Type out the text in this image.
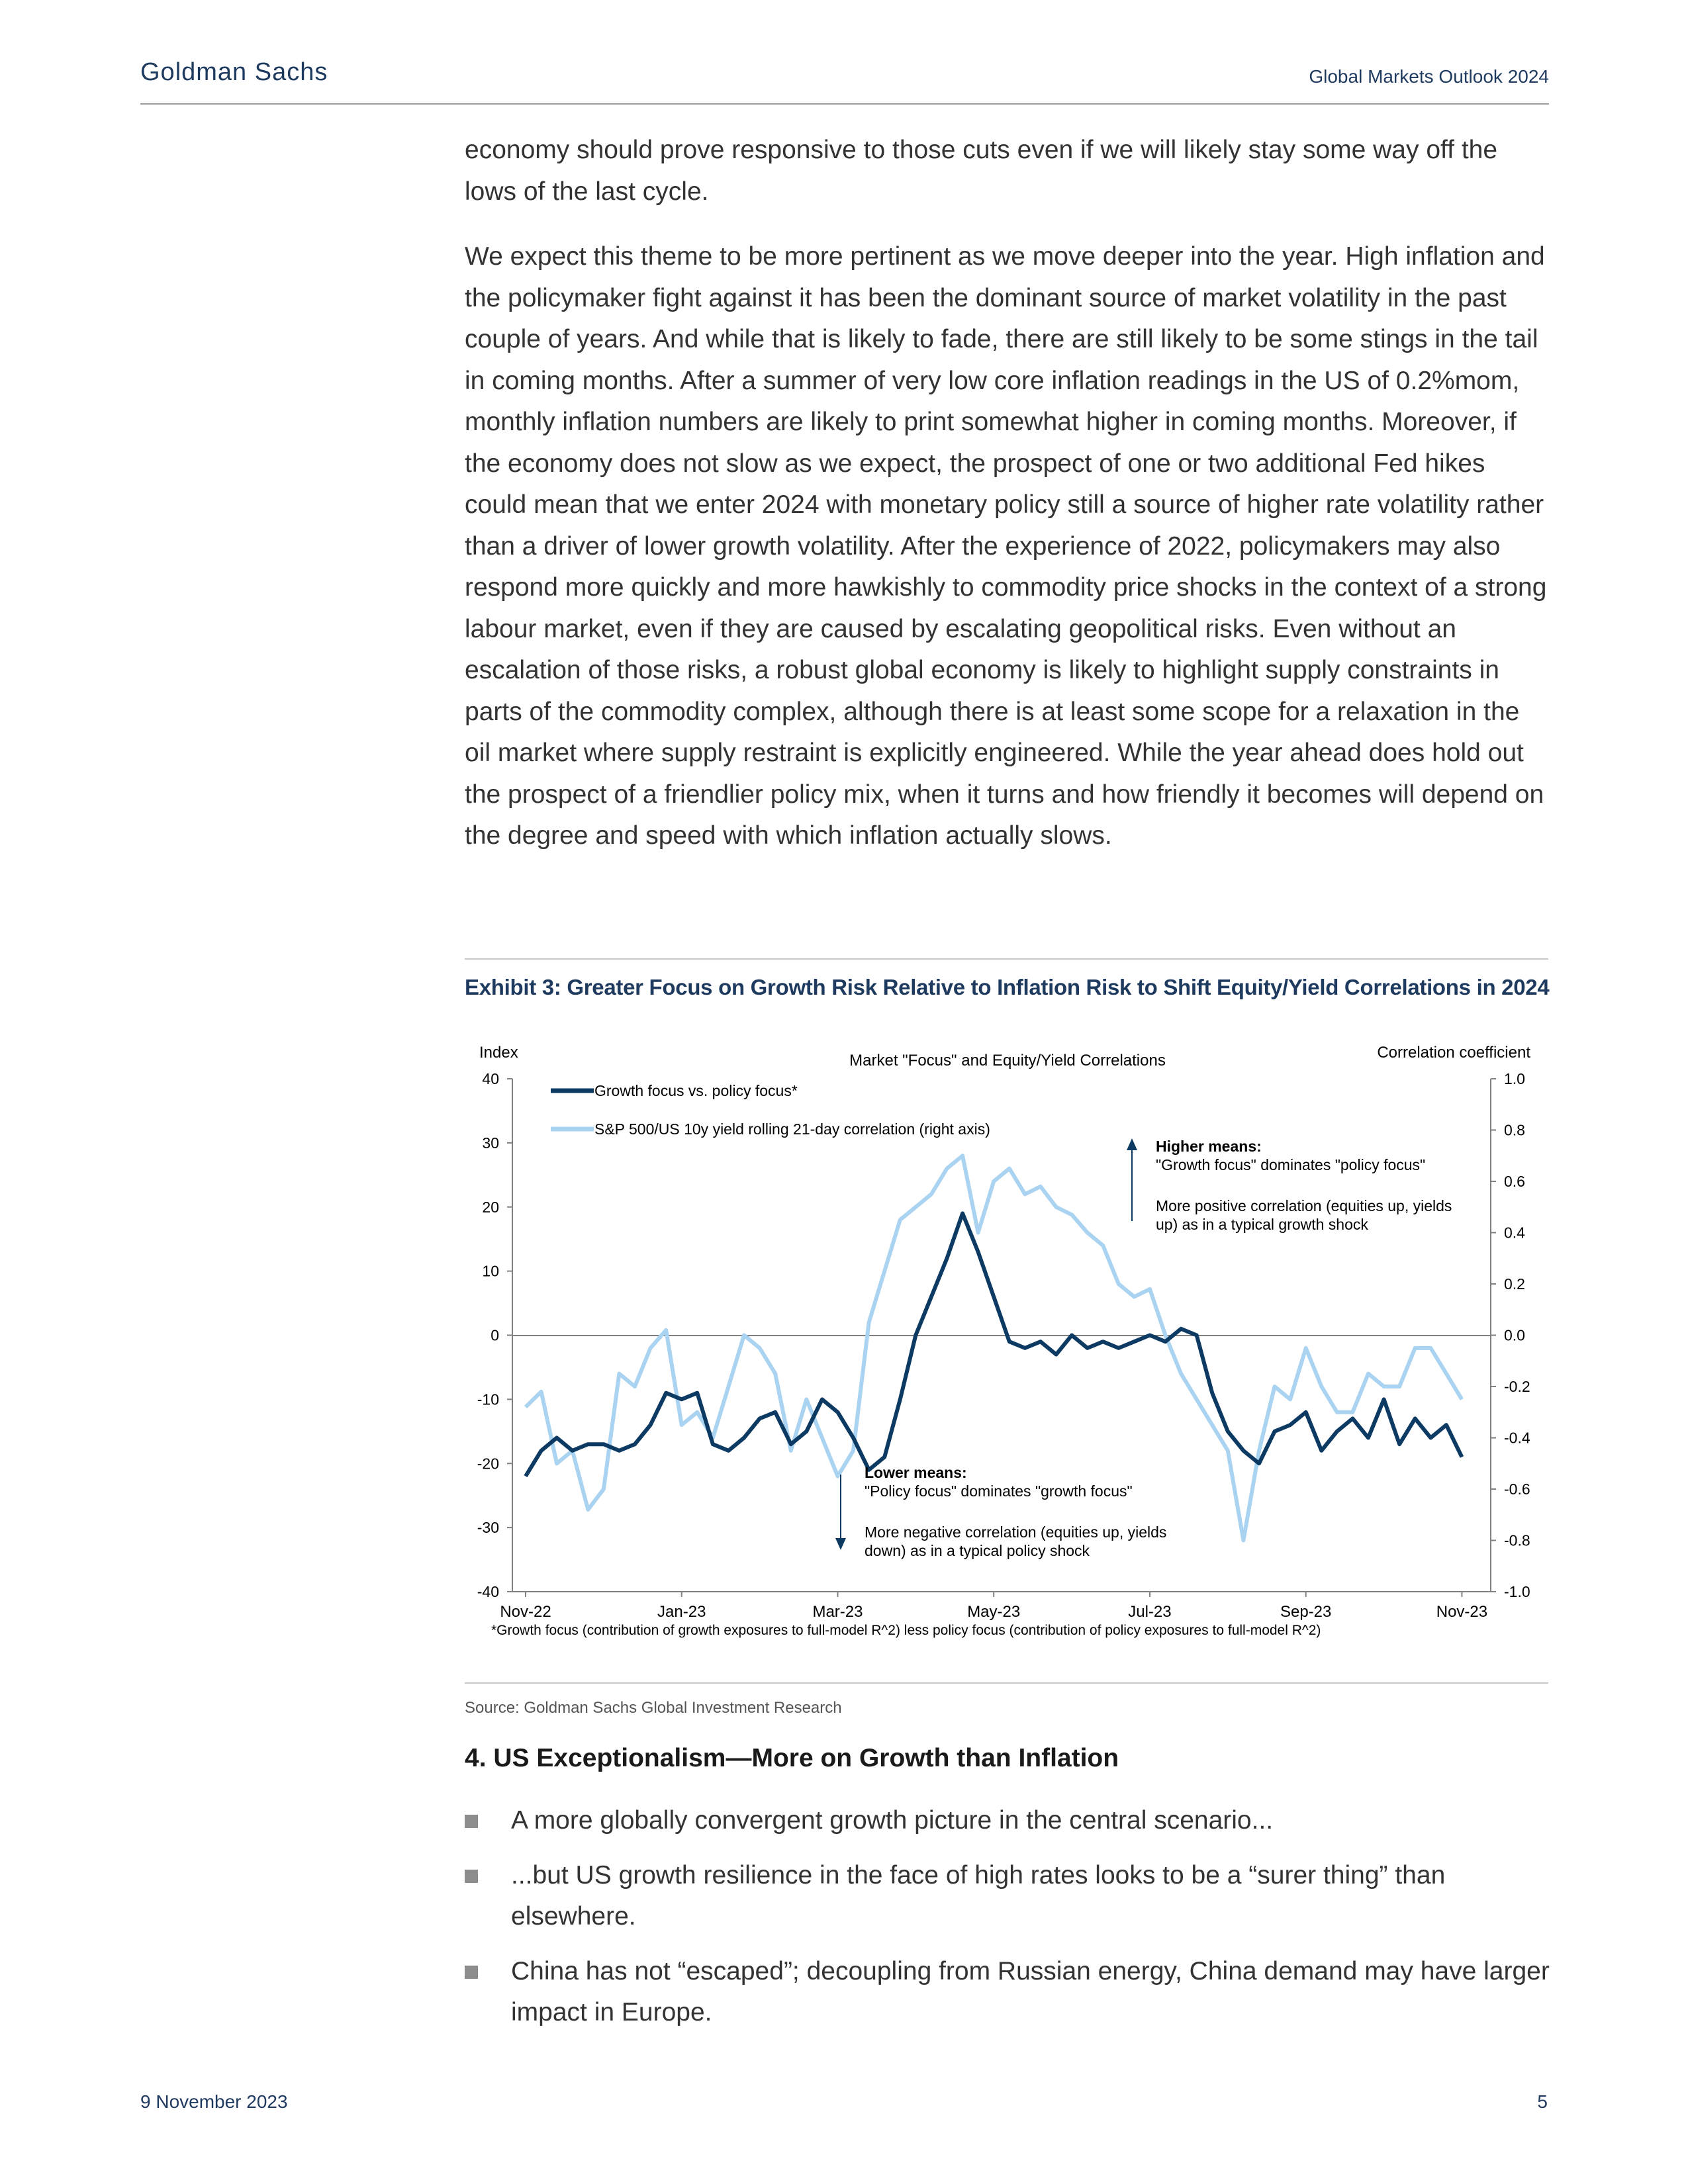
Goldman Sachs	Global Markets Outlook 2024

economy should prove responsive to those cuts even if we will likely stay some way off the lows of the last cycle.

We expect this theme to be more pertinent as we move deeper into the year. High inflation and the policymaker fight against it has been the dominant source of market volatility in the past couple of years. And while that is likely to fade, there are still likely to be some stings in the tail in coming months. After a summer of very low core inflation readings in the US of 0.2%mom, monthly inflation numbers are likely to print somewhat higher in coming months. Moreover, if the economy does not slow as we expect, the prospect of one or two additional Fed hikes could mean that we enter 2024 with monetary policy still a source of higher rate volatility rather than a driver of lower growth volatility. After the experience of 2022, policymakers may also respond more quickly and more hawkishly to commodity price shocks in the context of a strong labour market, even if they are caused by escalating geopolitical risks. Even without an escalation of those risks, a robust global economy is likely to highlight supply constraints in parts of the commodity complex, although there is at least some scope for a relaxation in the oil market where supply restraint is explicitly engineered. While the year ahead does hold out the prospect of a friendlier policy mix, when it turns and how friendly it becomes will depend on the degree and speed with which inflation actually slows.

Exhibit 3: Greater Focus on Growth Risk Relative to Inflation Risk to Shift Equity/Yield Correlations in 2024
Market "Focus" and Equity/Yield Correlations
Index	Correlation coefficient
40
30
20
10
0
-10
-20
-30
-40
1.0
0.8
0.6
0.4
0.2
0.0
-0.2
-0.4
-0.6
-0.8
-1.0
Nov-22	Jan-23	Mar-23	May-23	Jul-23	Sep-23	Nov-23
Growth focus vs. policy focus*
S&P 500/US 10y yield rolling 21-day correlation (right axis)
Higher means:
"Growth focus" dominates "policy focus"
More positive correlation (equities up, yields
up) as in a typical growth shock
Lower means:
"Policy focus" dominates "growth focus"
More negative correlation (equities up, yields
down) as in a typical policy shock
*Growth focus (contribution of growth exposures to full-model R^2) less policy focus (contribution of policy exposures to full-model R^2)
Source: Goldman Sachs Global Investment Research
4. US Exceptionalism—More on Growth than Inflation
A more globally convergent growth picture in the central scenario...
...but US growth resilience in the face of high rates looks to be a “surer thing” than elsewhere.
China has not “escaped”; decoupling from Russian energy, China demand may have larger impact in Europe.
9 November 2023	5
